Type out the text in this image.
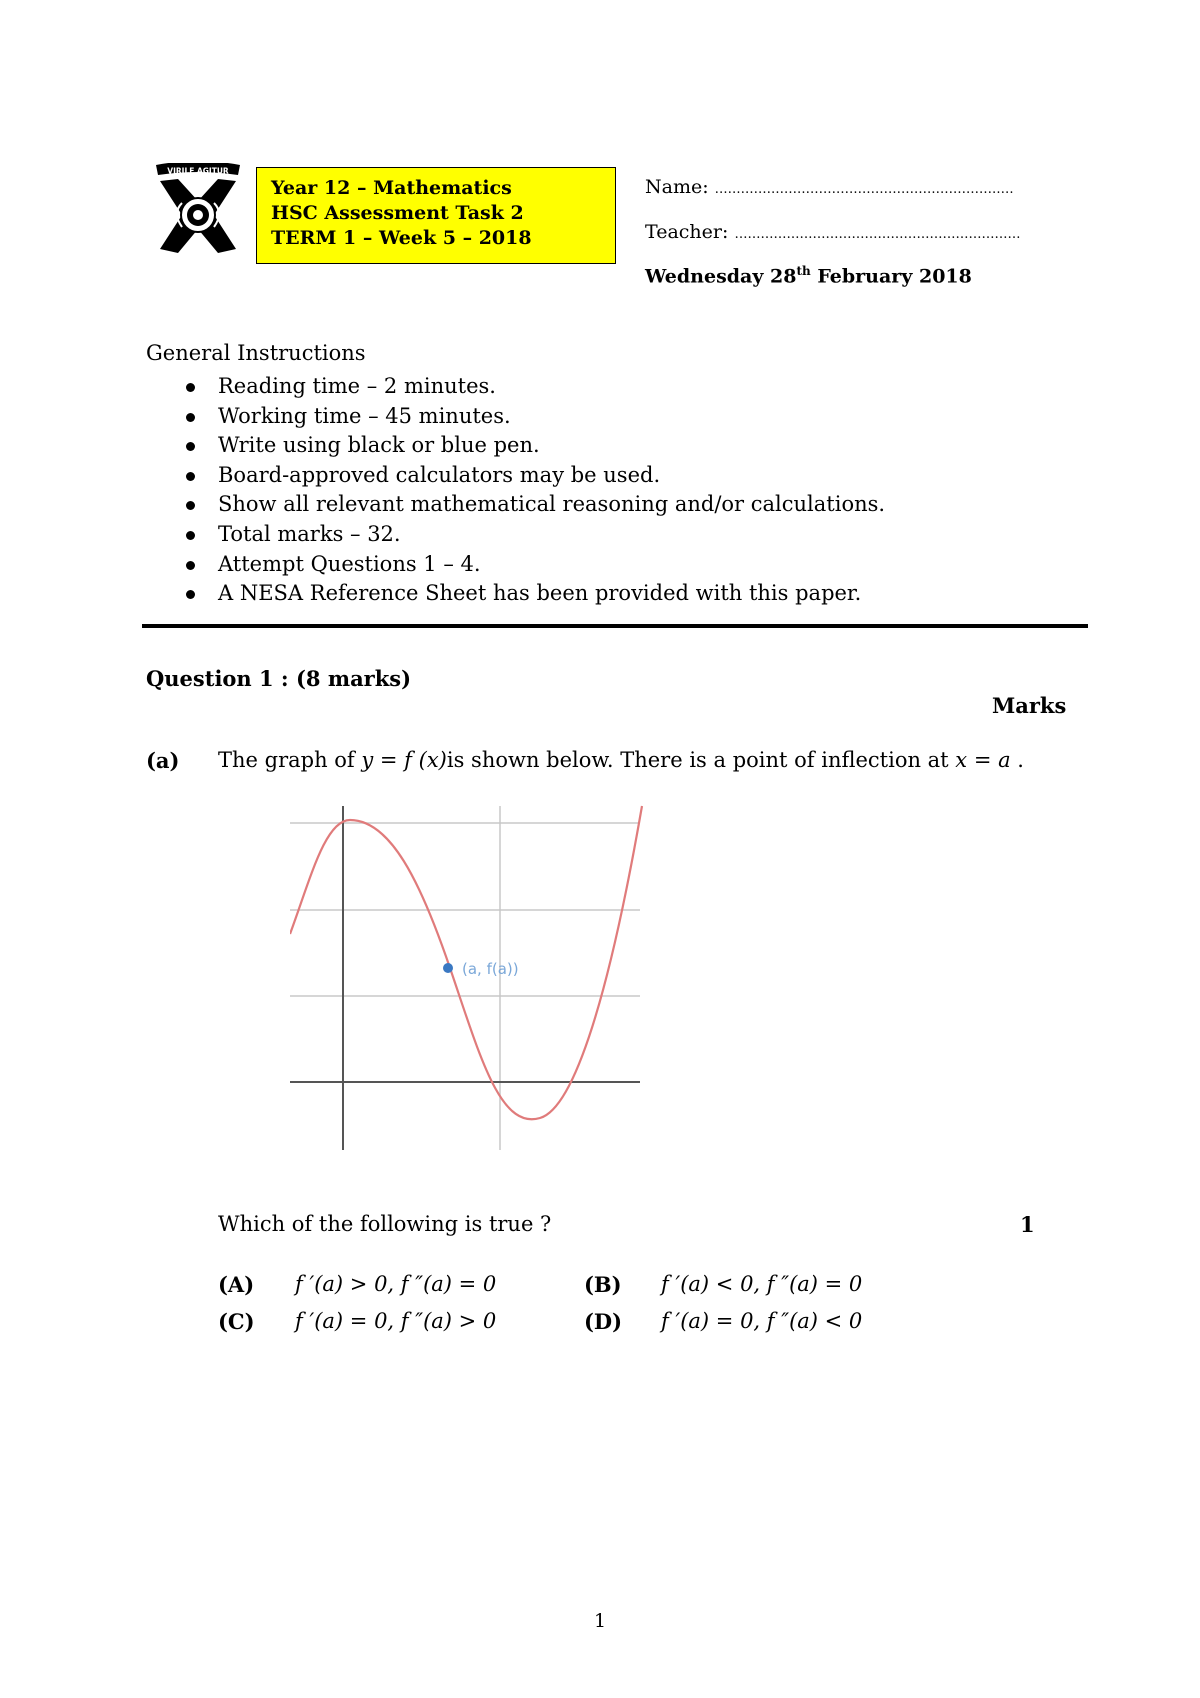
VIRILE AGITUR
Year 12 – Mathematics
HSC Assessment Task 2
TERM 1 – Week 5 – 2018
Name: ……………………………………………………………
Teacher: …………………………………………………………
Wednesday 28th February 2018
General Instructions
Reading time – 2 minutes.
Working time – 45 minutes.
Write using black or blue pen.
Board-approved calculators may be used.
Show all relevant mathematical reasoning and/or calculations.
Total marks – 32.
Attempt Questions 1 – 4.
A NESA Reference Sheet has been provided with this paper.
Question 1 : (8 marks)
Marks
(a) The graph of y = f (x)is shown below. There is a point of inflection at x = a .
(a, f(a))
Which of the following is true ?	1
(A) f ′(a) > 0, f ″(a) = 0	(B) f ′(a) < 0, f ″(a) = 0
(C) f ′(a) = 0, f ″(a) > 0	(D) f ′(a) = 0, f ″(a) < 0
1
